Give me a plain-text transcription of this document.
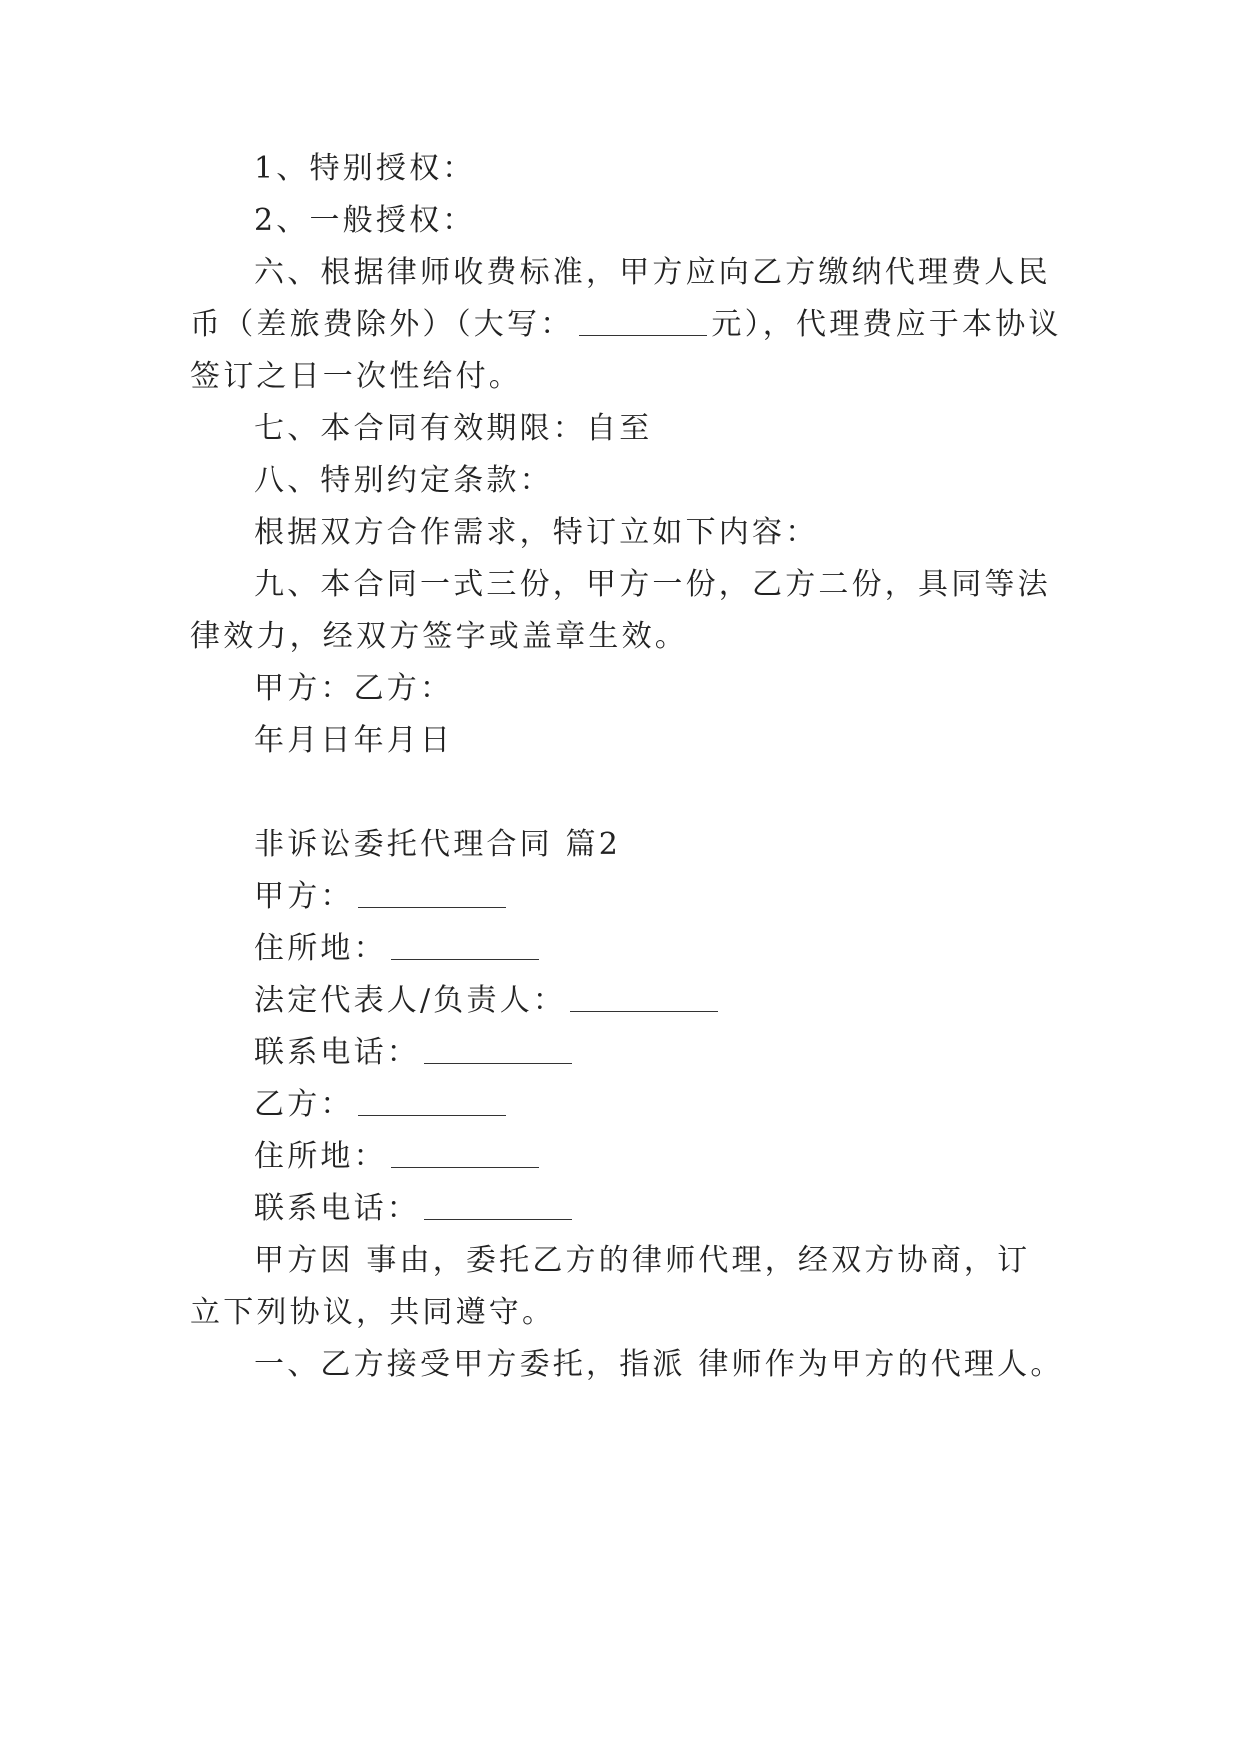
1、特别授权：

2、一般授权：

六、根据律师收费标准，甲方应向乙方缴纳代理费人民

币（差旅费除外）（大写：	元），代理费应于本协议

签订之日一次性给付。

七、本合同有效期限：自至

八、特别约定条款：

根据双方合作需求，特订立如下内容：

九、本合同一式三份，甲方一份，乙方二份，具同等法

律效力，经双方签字或盖章生效。

甲方：乙方：

年月日年月日

非诉讼委托代理合同 篇2

甲方：

住所地：

法定代表人/负责人：

联系电话：

乙方：

住所地：

联系电话：

甲方因 事由，委托乙方的律师代理，经双方协商，订

立下列协议，共同遵守。

一、乙方接受甲方委托，指派 律师作为甲方的代理人。
